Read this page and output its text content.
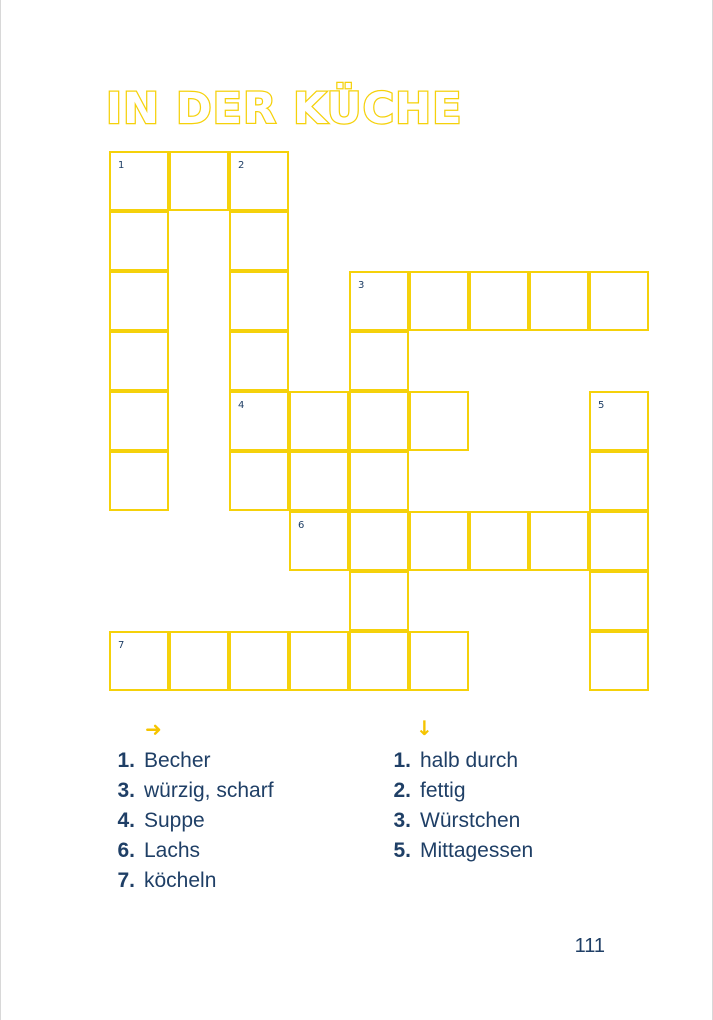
IN DER KÜCHE
1	2
3
4	5
6
7
➜	↓
1. Becher
3. würzig, scharf
4. Suppe
6. Lachs
7. köcheln
1. halb durch
2. fettig
3. Würstchen
5. Mittagessen
111
